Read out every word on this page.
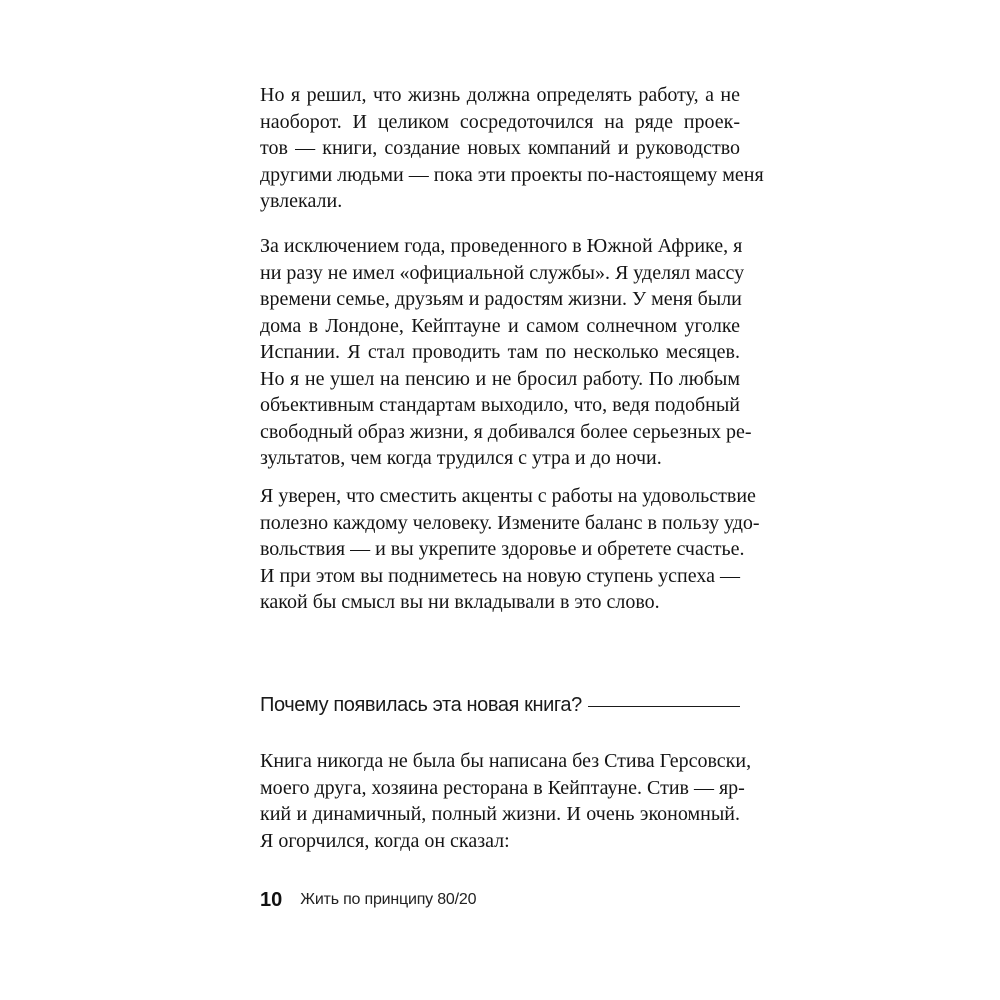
Но я решил, что жизнь должна определять работу, а не
наоборот. И целиком сосредоточился на ряде проек-
тов — книги, создание новых компаний и руководство
другими людьми — пока эти проекты по-настоящему меня
увлекали.

За исключением года, проведенного в Южной Африке, я
ни разу не имел «официальной службы». Я уделял массу
времени семье, друзьям и радостям жизни. У меня были
дома в Лондоне, Кейптауне и самом солнечном уголке
Испании. Я стал проводить там по несколько месяцев.
Но я не ушел на пенсию и не бросил работу. По любым
объективным стандартам выходило, что, ведя подобный
свободный образ жизни, я добивался более серьезных ре-
зультатов, чем когда трудился с утра и до ночи.

Я уверен, что сместить акценты с работы на удовольствие
полезно каждому человеку. Измените баланс в пользу удо-
вольствия — и вы укрепите здоровье и обретете счастье.
И при этом вы подниметесь на новую ступень успеха —
какой бы смысл вы ни вкладывали в это слово.

Почему появилась эта новая книга?

Книга никогда не была бы написана без Стива Герсовски,
моего друга, хозяина ресторана в Кейптауне. Стив — яр-
кий и динамичный, полный жизни. И очень экономный.
Я огорчился, когда он сказал:

10 Жить по принципу 80/20
